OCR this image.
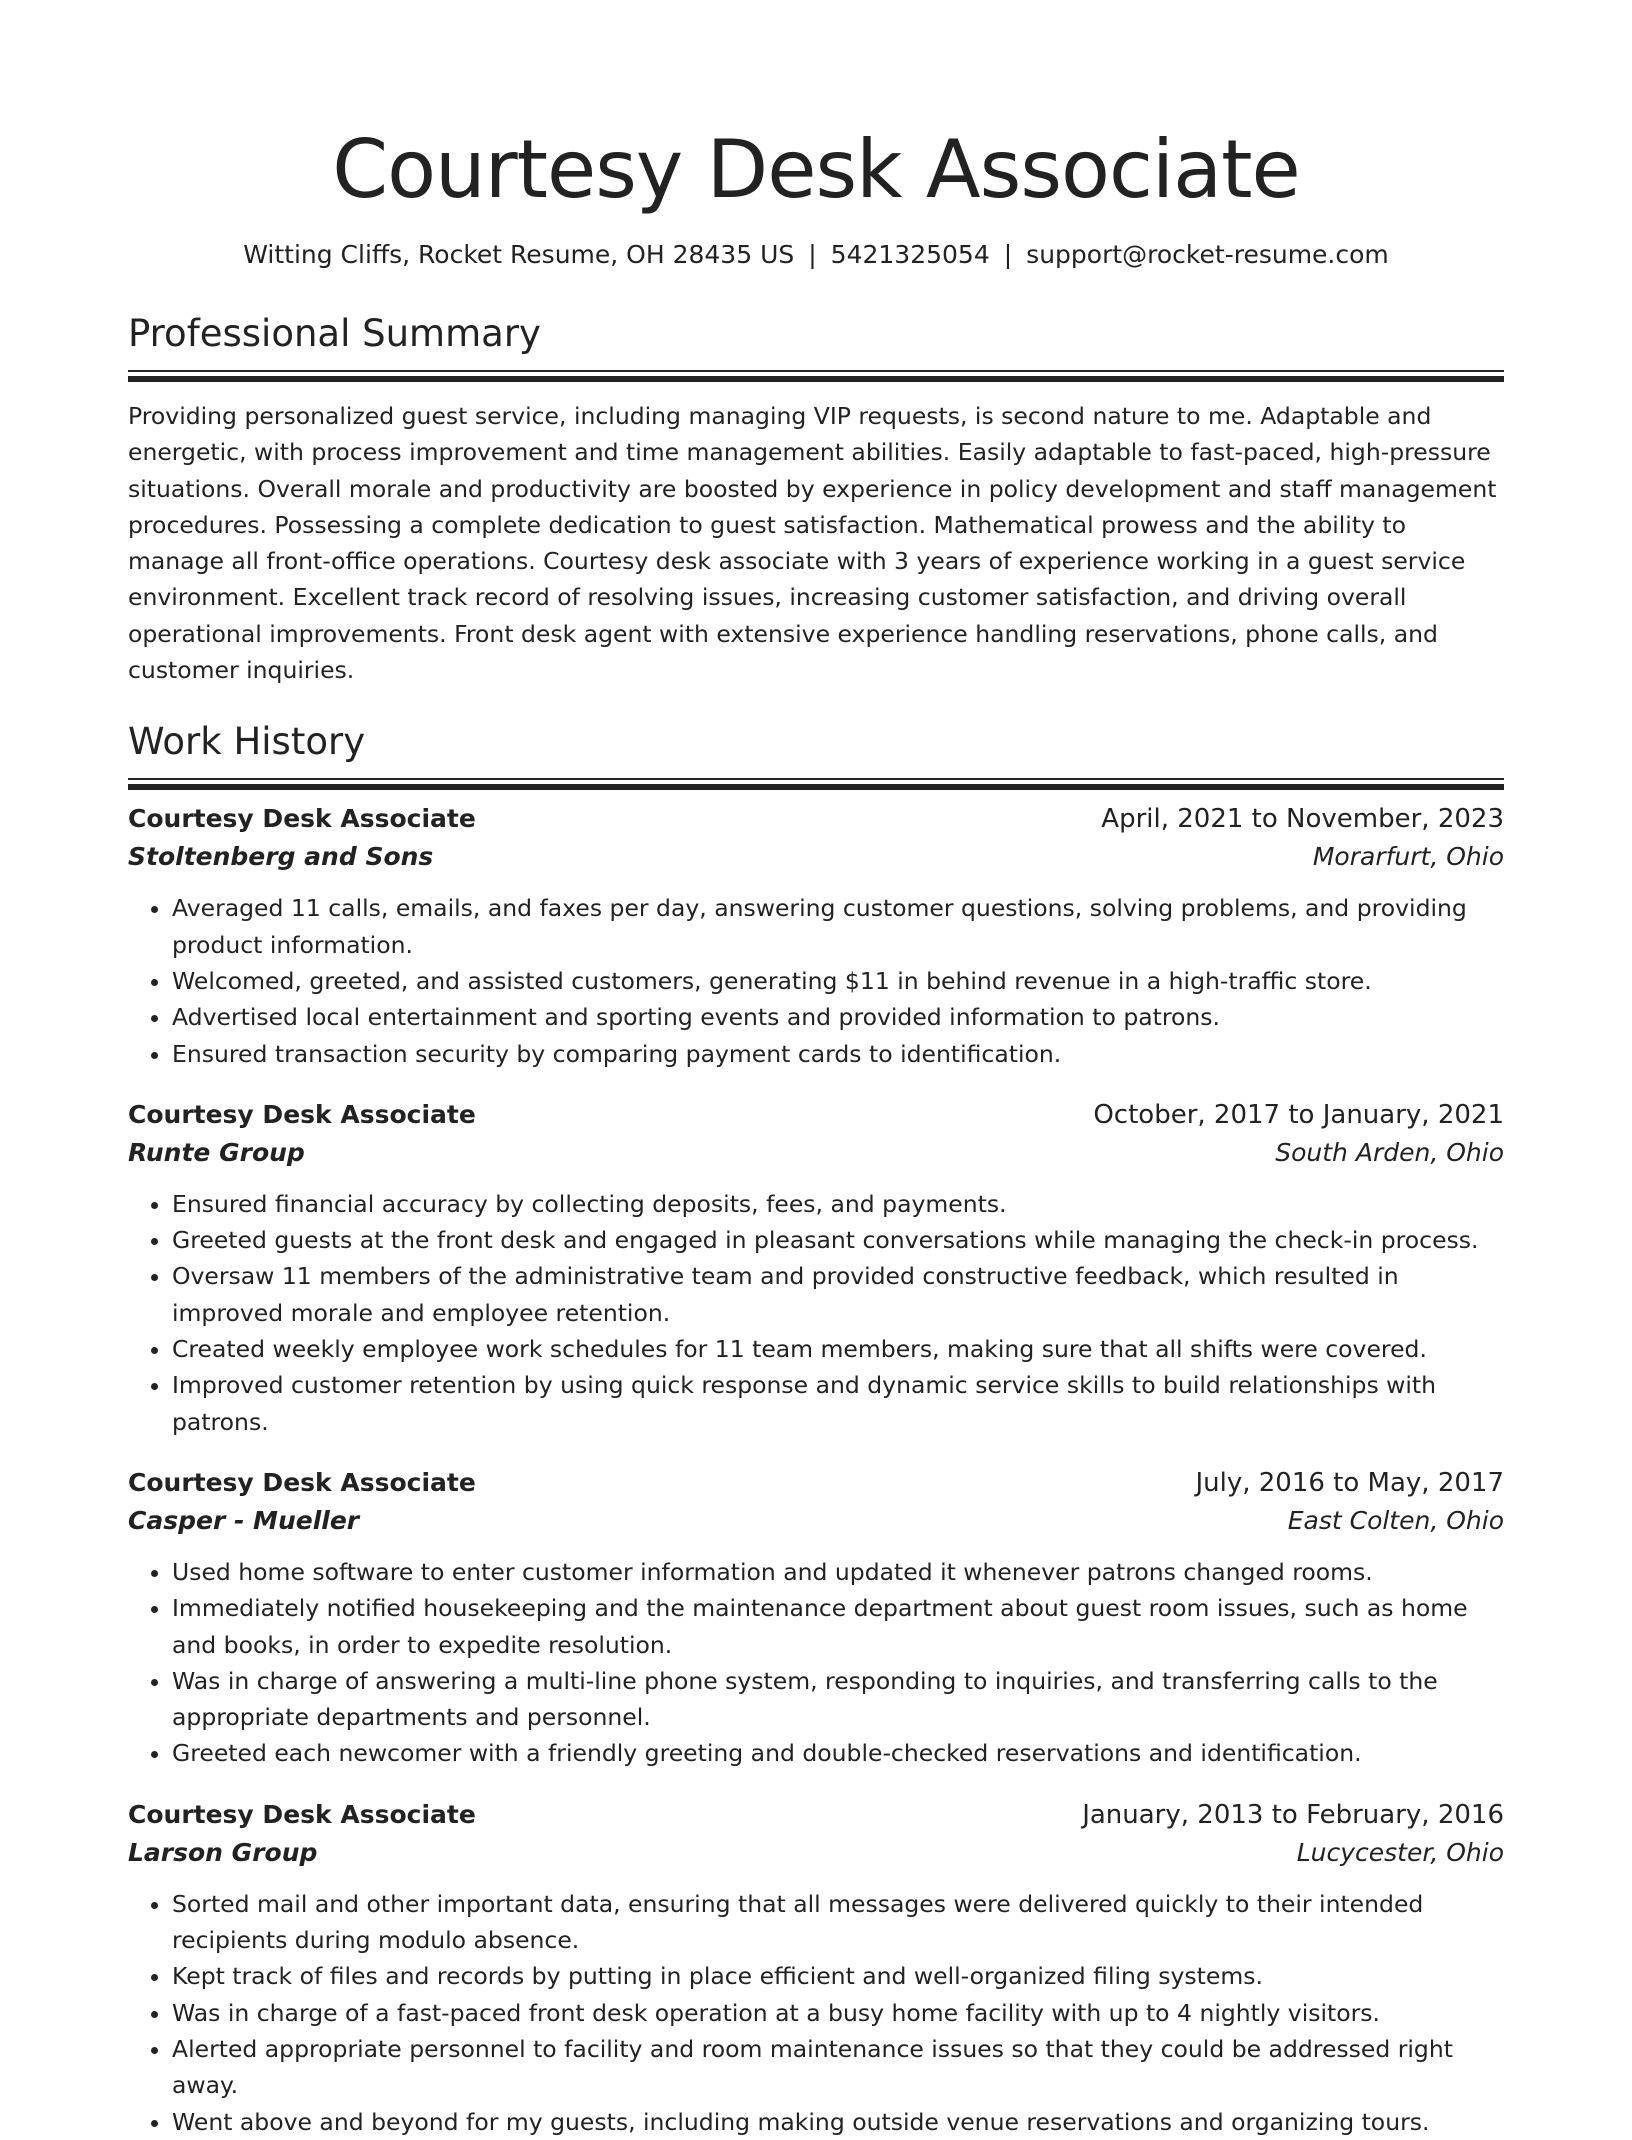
Courtesy Desk Associate
Witting Cliffs, Rocket Resume, OH 28435 US | 5421325054 | support@rocket-resume.com
Professional Summary

Providing personalized guest service, including managing VIP requests, is second nature to me. Adaptable and energetic, with process improvement and time management abilities. Easily adaptable to fast-paced, high-pressure situations. Overall morale and productivity are boosted by experience in policy development and staff management procedures. Possessing a complete dedication to guest satisfaction. Mathematical prowess and the ability to manage all front-office operations. Courtesy desk associate with 3 years of experience working in a guest service environment. Excellent track record of resolving issues, increasing customer satisfaction, and driving overall operational improvements. Front desk agent with extensive experience handling reservations, phone calls, and customer inquiries.

Work History
Courtesy Desk Associate	April, 2021 to November, 2023
Stoltenberg and Sons	Morarfurt, Ohio
• Averaged 11 calls, emails, and faxes per day, answering customer questions, solving problems, and providing product information.
• Welcomed, greeted, and assisted customers, generating $11 in behind revenue in a high-traffic store.
• Advertised local entertainment and sporting events and provided information to patrons.
• Ensured transaction security by comparing payment cards to identification.
Courtesy Desk Associate	October, 2017 to January, 2021
Runte Group	South Arden, Ohio
• Ensured financial accuracy by collecting deposits, fees, and payments.
• Greeted guests at the front desk and engaged in pleasant conversations while managing the check-in process.
• Oversaw 11 members of the administrative team and provided constructive feedback, which resulted in improved morale and employee retention.
• Created weekly employee work schedules for 11 team members, making sure that all shifts were covered.
• Improved customer retention by using quick response and dynamic service skills to build relationships with patrons.
Courtesy Desk Associate	July, 2016 to May, 2017
Casper - Mueller	East Colten, Ohio
• Used home software to enter customer information and updated it whenever patrons changed rooms.
• Immediately notified housekeeping and the maintenance department about guest room issues, such as home and books, in order to expedite resolution.
• Was in charge of answering a multi-line phone system, responding to inquiries, and transferring calls to the appropriate departments and personnel.
• Greeted each newcomer with a friendly greeting and double-checked reservations and identification.
Courtesy Desk Associate	January, 2013 to February, 2016
Larson Group	Lucycester, Ohio
• Sorted mail and other important data, ensuring that all messages were delivered quickly to their intended recipients during modulo absence.
• Kept track of files and records by putting in place efficient and well-organized filing systems.
• Was in charge of a fast-paced front desk operation at a busy home facility with up to 4 nightly visitors.
• Alerted appropriate personnel to facility and room maintenance issues so that they could be addressed right away.
• Went above and beyond for my guests, including making outside venue reservations and organizing tours.
